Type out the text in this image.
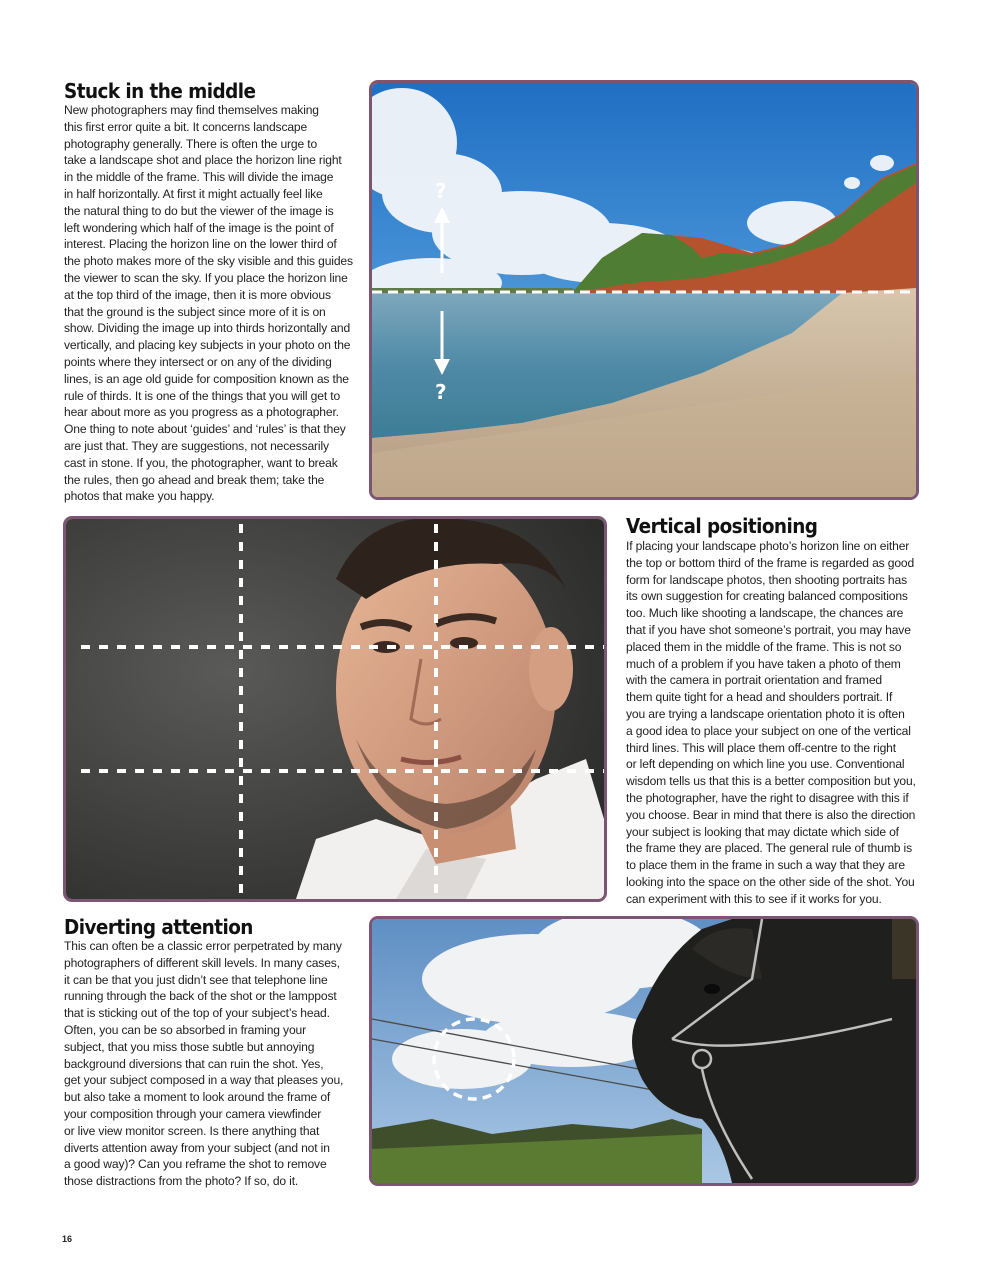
Stuck in the middle
New photographers may find themselves making
this first error quite a bit. It concerns landscape
photography generally. There is often the urge to
take a landscape shot and place the horizon line right
in the middle of the frame. This will divide the image
in half horizontally. At first it might actually feel like
the natural thing to do but the viewer of the image is
left wondering which half of the image is the point of
interest. Placing the horizon line on the lower third of
the photo makes more of the sky visible and this guides
the viewer to scan the sky. If you place the horizon line
at the top third of the image, then it is more obvious
that the ground is the subject since more of it is on
show. Dividing the image up into thirds horizontally and
vertically, and placing key subjects in your photo on the
points where they intersect or on any of the dividing
lines, is an age old guide for composition known as the
rule of thirds. It is one of the things that you will get to
hear about more as you progress as a photographer.
One thing to note about ‘guides’ and ‘rules’ is that they
are just that. They are suggestions, not necessarily
cast in stone. If you, the photographer, want to break
the rules, then go ahead and break them; take the
photos that make you happy.
?
?
Vertical positioning
If placing your landscape photo’s horizon line on either
the top or bottom third of the frame is regarded as good
form for landscape photos, then shooting portraits has
its own suggestion for creating balanced compositions
too. Much like shooting a landscape, the chances are
that if you have shot someone’s portrait, you may have
placed them in the middle of the frame. This is not so
much of a problem if you have taken a photo of them
with the camera in portrait orientation and framed
them quite tight for a head and shoulders portrait. If
you are trying a landscape orientation photo it is often
a good idea to place your subject on one of the vertical
third lines. This will place them off-centre to the right
or left depending on which line you use. Conventional
wisdom tells us that this is a better composition but you,
the photographer, have the right to disagree with this if
you choose. Bear in mind that there is also the direction
your subject is looking that may dictate which side of
the frame they are placed. The general rule of thumb is
to place them in the frame in such a way that they are
looking into the space on the other side of the shot. You
can experiment with this to see if it works for you.
Diverting attention
This can often be a classic error perpetrated by many
photographers of different skill levels. In many cases,
it can be that you just didn’t see that telephone line
running through the back of the shot or the lamppost
that is sticking out of the top of your subject’s head.
Often, you can be so absorbed in framing your
subject, that you miss those subtle but annoying
background diversions that can ruin the shot. Yes,
get your subject composed in a way that pleases you,
but also take a moment to look around the frame of
your composition through your camera viewfinder
or live view monitor screen. Is there anything that
diverts attention away from your subject (and not in
a good way)? Can you reframe the shot to remove
those distractions from the photo? If so, do it.
16
